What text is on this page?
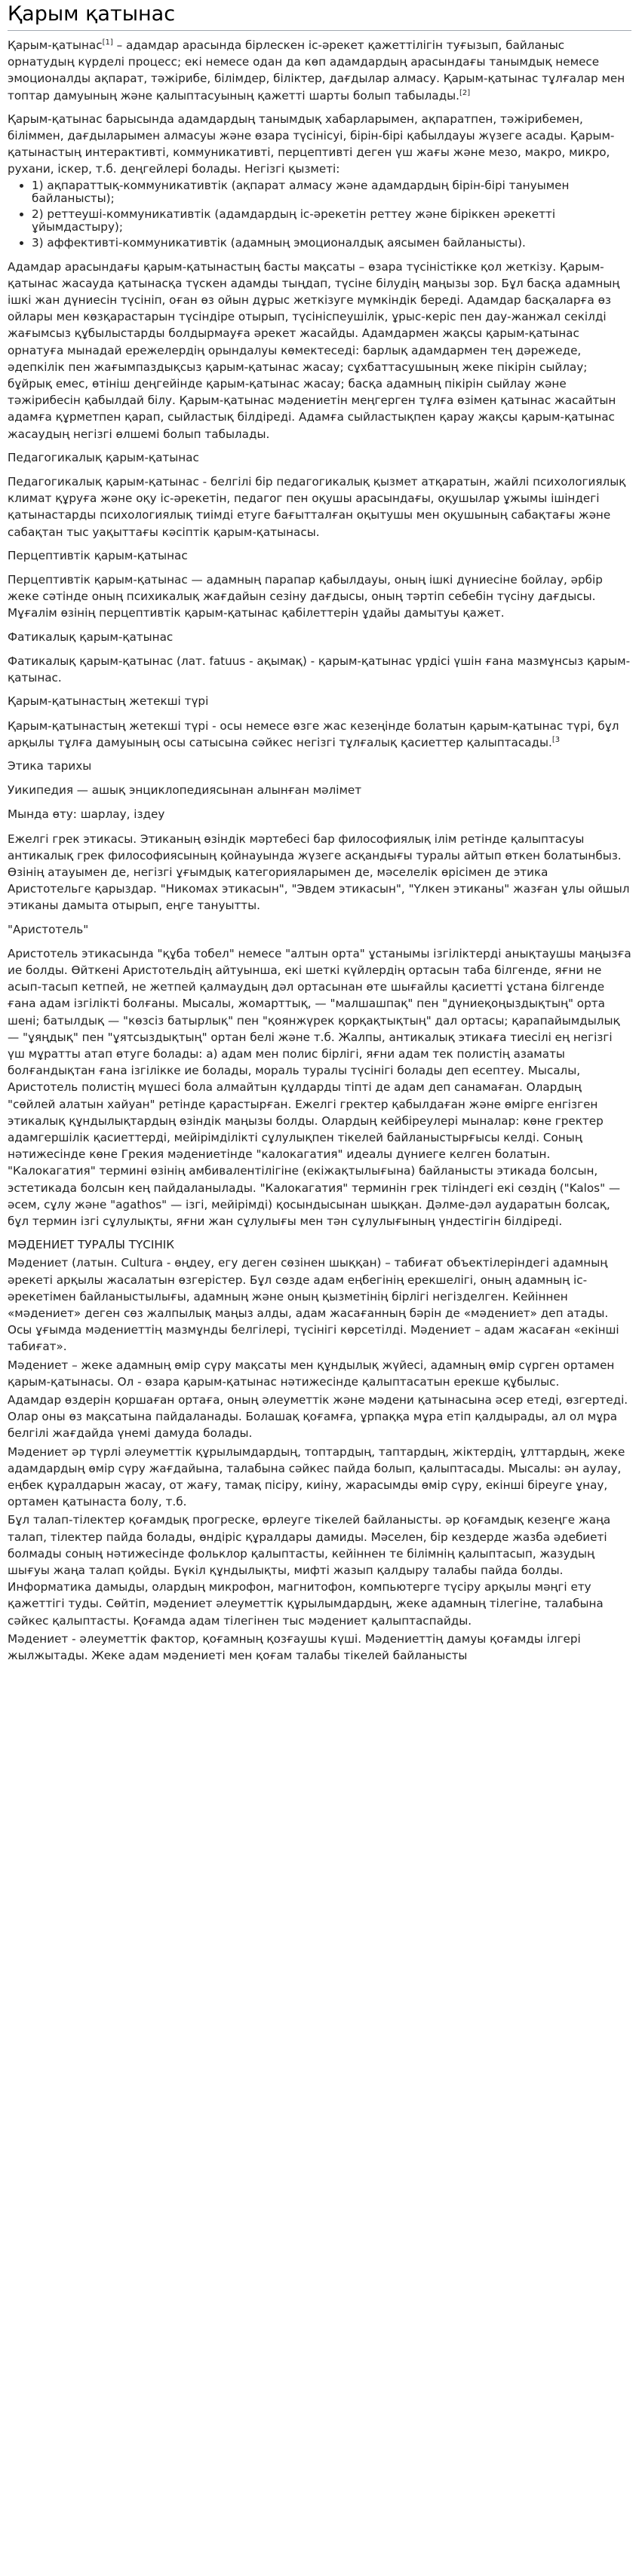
Қарым қатынас

Қарым-қатынас[1] – адамдар арасында бірлескен іс-әрекет қажеттілігін туғызып, байланыс орнатудың күрделі процесс; екі немесе одан да көп адамдардың арасындағы танымдық немесе эмоционалды ақпарат, тәжірибе, білімдер, біліктер, дағдылар алмасу. Қарым-қатынас тұлғалар мен топтар дамуының және қалыптасуының қажетті шарты болып табылады.[2]

Қарым-қатынас барысында адамдардың танымдық хабарларымен, ақпаратпен, тәжірибемен, біліммен, дағдыларымен алмасуы және өзара түсінісуі, бірін-бірі қабылдауы жүзеге асады. Қарым-қатынастың интерактивті, коммуникативті, перцептивті деген үш жағы және мезо, макро, микро, рухани, іскер, т.б. деңгейлері болады. Негізгі қызметі:

• 1) ақпараттық-коммуникативтік (ақпарат алмасу және адамдардың бірін-бірі тануымен байланысты);
• 2) реттеуші-коммуникативтік (адамдардың іс-әрекетін реттеу және біріккен әрекетті ұйымдастыру);
• 3) аффективті-коммуникативтік (адамның эмоционалдық аясымен байланысты).

Адамдар арасындағы қарым-қатынастың басты мақсаты – өзара түсіністікке қол жеткізу. Қарым-қатынас жасауда қатынасқа түскен адамды тыңдап, түсіне білудің маңызы зор. Бұл басқа адамның ішкі жан дүниесін түсініп, оған өз ойын дұрыс жеткізуге мүмкіндік береді. Адамдар басқаларға өз ойлары мен көзқарастарын түсіндіре отырып, түсініспеушілік, ұрыс-керіс пен дау-жанжал секілді жағымсыз құбылыстарды болдырмауға әрекет жасайды. Адамдармен жақсы қарым-қатынас орнатуға мынадай ережелердің орындалуы көмектеседі: барлық адамдармен тең дәрежеде, әдепкілік пен жағымпаздықсыз қарым-қатынас жасау; сұхбаттасушының жеке пікірін сыйлау; бұйрық емес, өтініш деңгейінде қарым-қатынас жасау; басқа адамның пікірін сыйлау және тәжірибесін қабылдай білу. Қарым-қатынас мәдениетін меңгерген тұлға өзімен қатынас жасайтын адамға құрметпен қарап, сыйластық білдіреді. Адамға сыйластықпен қарау жақсы қарым-қатынас жасаудың негізгі өлшемі болып табылады.

Педагогикалық қарым-қатынас

Педагогикалық қарым-қатынас - белгілі бір педагогикалық қызмет атқаратын, жайлі психологиялық климат құруға және оқу іс-әрекетін, педагог пен оқушы арасындағы, оқушылар ұжымы ішіндегі қатынастарды психологиялық тиімді етуге бағытталған оқытушы мен оқушының сабақтағы және сабақтан тыс уақыттағы кәсіптік қарым-қатынасы.

Перцептивтік қарым-қатынас

Перцептивтік қарым-қатынас — адамның парапар қабылдауы, оның ішкі дүниесіне бойлау, әрбір жеке сәтінде оның психикалық жағдайын сезіну дағдысы, оның тәртіп себебін түсіну дағдысы. Мұғалім өзінің перцептивтік қарым-қатынас қабілеттерін ұдайы дамытуы қажет.

Фатикалық қарым-қатынас

Фатикалық қарым-қатынас (лат. fatuus - ақымақ) - қарым-қатынас үрдісі үшін ғана мазмұнсыз қарым-қатынас.

Қарым-қатынастың жетекші түрі

Қарым-қатынастың жетекші түрі - осы немесе өзге жас кезеңінде болатын қарым-қатынас түрі, бұл арқылы тұлға дамуының осы сатысына сәйкес негізгі тұлғалық қасиеттер қалыптасады.$^{[3}$

Этика тарихы

Уикипедия — ашық энциклопедиясынан алынған мәлімет

Мында өту: шарлау, іздеу

Ежелгі грек этикасы. Этиканың өзіндік мәртебесі бар философиялық ілім ретінде қалыптасуы антикалық грек философиясының қойнауында жүзеге асқандығы туралы айтып өткен болатынбыз. Өзінің атауымен де, негізгі ұғымдық категорияларымен де, мәселелік өрісімен де этика Аристотельге қарыздар. "Никомах этикасын", "Эвдем этикасын", "Үлкен этиканы" жазған ұлы ойшыл этиканы дамыта отырып, еңге тануытты.

"Аристотель"

Аристотель этикасында "құба тобел" немесе "алтын орта" ұстанымы ізгіліктерді анықтаушы маңызға ие болды. Өйткені Аристотельдің айтуынша, екі шеткі күйлердің ортасын таба білгенде, яғни не асып-тасып кетпей, не жетпей қалмаудың дәл ортасынан өте шығайлы қасиетті ұстана білгенде ғана адам ізгілікті болғаны. Мысалы, жомарттық, — "малшашпақ" пен "дүниеқоңыздықтың" орта шені; батылдық — "көзсіз батырлық" пен "қоянжүрек қорқақтықтың" дал ортасы; қарапайымдылық — "ұяңдық" пен "ұятсыздықтың" ортан белі және т.б. Жалпы, антикалық этикаға тиесілі ең негізгі үш мұратты атап өтуге болады: а) адам мен полис бірлігі, яғни адам тек полистің азаматы болғандықтан ғана ізгілікке ие болады, мораль туралы түсінігі болады деп есептеу. Мысалы, Аристотель полистің мүшесі бола алмайтын құлдарды тіпті де адам деп санамаған. Олардың "сөйлей алатын хайуан" ретінде қарастырған. Ежелгі гректер қабылдаған және өмірге енгізген этикалық құндылықтардың өзіндік маңызы болды. Олардың кейбіреулері мыналар: көне гректер адамгершілік қасиеттерді, мейірімділікті сұлулықпен тікелей байланыстырғысы келді. Соның нәтижесінде көне Грекия мәдениетінде "калокагатия" идеалы дүниеге келген болатын. "Калокагатия" термині өзінің амбивалентілігіне (екіжақтылығына) байланысты этикада болсын, эстетикада болсын кең пайдаланылады. "Калокагатия" терминін грек тіліндегі екі сөздің ("Kalos" — әсем, сұлу және "agathos" — ізгі, мейірімді) қосындысынан шыққан. Дәлме-дәл аударатын болсақ, бұл термин ізгі сұлулықты, яғни жан сұлулығы мен тән сұлулығының үндестігін білдіреді.

МӘДЕНИЕТ ТУРАЛЫ ТҮСІНІК

Мәдениет (латын. Cultura - өңдеу, егу деген сөзінен шыққан) – табиғат объектілеріндегі адамның әрекеті арқылы жасалатын өзгерістер. Бұл сөзде адам еңбегінің ерекшелігі, оның адамның іс-әрекетімен байланыстылығы, адамның және оның қызметінің бірлігі негізделген. Кейіннен «мәдениет» деген сөз жалпылық маңыз алды, адам жасағанның бәрін де «мәдениет» деп атады. Осы ұғымда мәдениеттің мазмұнды белгілері, түсінігі көрсетілді. Мәдениет – адам жасаған «екінші табиғат».

Мәдениет – жеке адамның өмір сүру мақсаты мен құндылық жүйесі, адамның өмір сүрген ортамен қарым-қатынасы. Ол - өзара қарым-қатынас нәтижесінде қалыптасатын ерекше құбылыс.

Адамдар өздерін қоршаған ортаға, оның әлеуметтік және мәдени қатынасына әсер етеді, өзгертеді. Олар оны өз мақсатына пайдаланады. Болашақ қоғамға, ұрпаққа мұра етіп қалдырады, ал ол мұра белгілі жағдайда үнемі дамуда болады.

Мәдениет әр түрлі әлеуметтік құрылымдардың, топтардың, таптардың, жіктердің, ұлттардың, жеке адамдардың өмір сүру жағдайына, талабына сәйкес пайда болып, қалыптасады. Мысалы: ән аулау, еңбек құралдарын жасау, от жағу, тамақ пісіру, киіну, жарасымды өмір сүру, екінші біреуге ұнау, ортамен қатынаста болу, т.б.

Бұл талап-тілектер қоғамдық прогреске, өрлеуге тікелей байланысты. әр қоғамдық кезеңге жаңа талап, тілектер пайда болады, өндіріс құралдары дамиды. Мәселен, бір кездерде жазба әдебиеті болмады соның нәтижесінде фольклор қалыптасты, кейіннен те білімнің қалыптасып, жазудың шығуы жаңа талап қойды. Бүкіл құндылықты, мифті жазып қалдыру талабы пайда болды. Информатика дамыды, олардың микрофон, магнитофон, компьютерге түсіру арқылы мәңгі ету қажеттігі туды. Сөйтіп, мәдениет әлеуметтік құрылымдардың, жеке адамның тілегіне, талабына сәйкес қалыптасты. Қоғамда адам тілегінен тыс мәдениет қалыптаспайды.

Мәдениет - әлеуметтік фактор, қоғамның қозғаушы күші. Мәдениеттің дамуы қоғамды ілгері жылжытады. Жеке адам мәдениеті мен қоғам талабы тікелей байланысты
